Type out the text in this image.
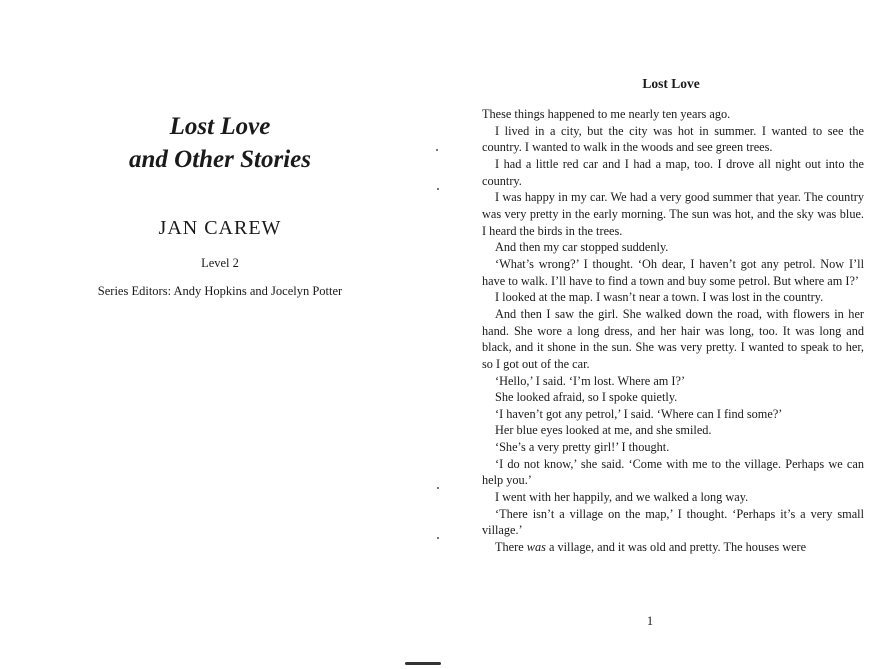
Lost Love
and Other Stories

JAN CAREW

Level 2

Series Editors: Andy Hopkins and Jocelyn Potter

Lost Love

These things happened to me nearly ten years ago.

I lived in a city, but the city was hot in summer. I wanted to see the country. I wanted to walk in the woods and see green trees.

I had a little red car and I had a map, too. I drove all night out into the country.

I was happy in my car. We had a very good summer that year. The country was very pretty in the early morning. The sun was hot, and the sky was blue. I heard the birds in the trees.

And then my car stopped suddenly.

‘What’s wrong?’ I thought. ‘Oh dear, I haven’t got any petrol. Now I’ll have to walk. I’ll have to find a town and buy some petrol. But where am I?’

I looked at the map. I wasn’t near a town. I was lost in the country.

And then I saw the girl. She walked down the road, with flowers in her hand. She wore a long dress, and her hair was long, too. It was long and black, and it shone in the sun. She was very pretty. I wanted to speak to her, so I got out of the car.

‘Hello,’ I said. ‘I’m lost. Where am I?’

She looked afraid, so I spoke quietly.

‘I haven’t got any petrol,’ I said. ‘Where can I find some?’

Her blue eyes looked at me, and she smiled.

‘She’s a very pretty girl!’ I thought.

‘I do not know,’ she said. ‘Come with me to the village. Perhaps we can help you.’

I went with her happily, and we walked a long way.

‘There isn’t a village on the map,’ I thought. ‘Perhaps it’s a very small village.’

There was a village, and it was old and pretty. The houses were

1
